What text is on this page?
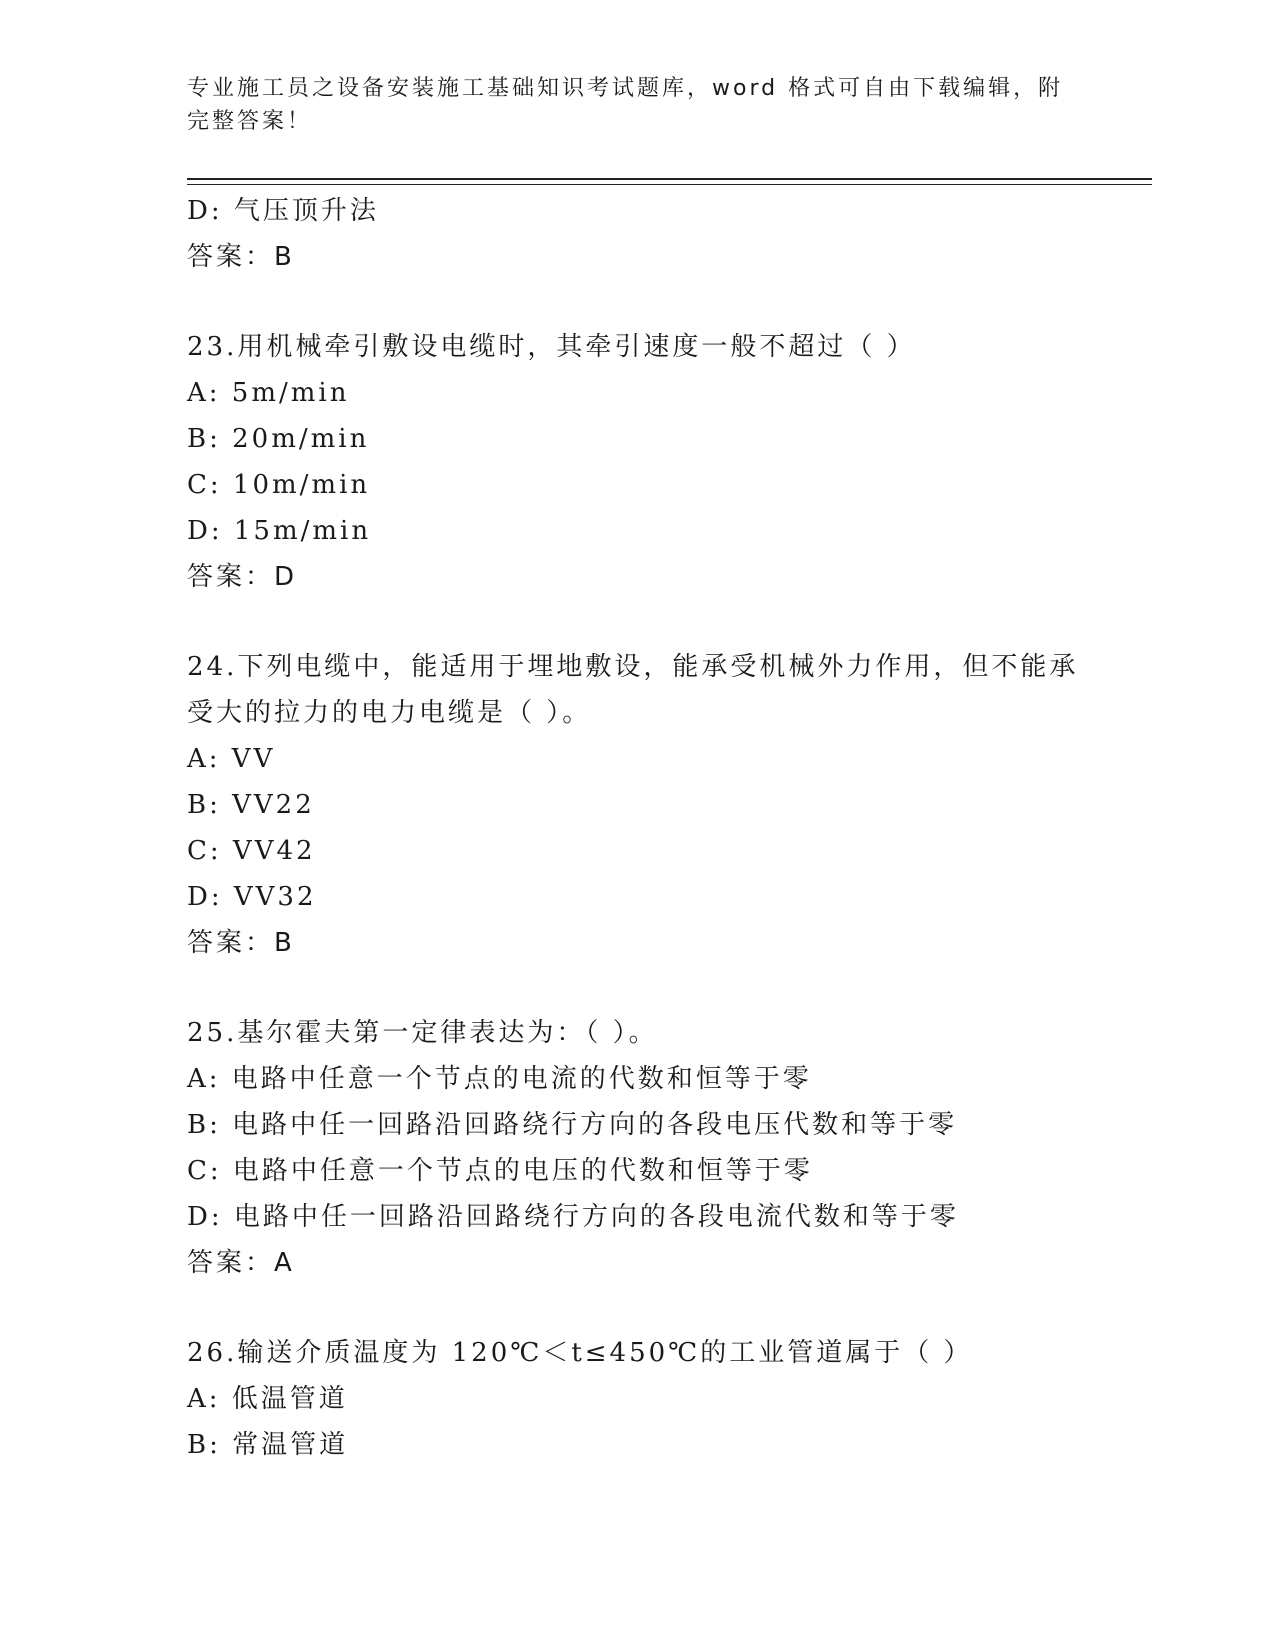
专业施工员之设备安装施工基础知识考试题库，word 格式可自由下载编辑，附完整答案！
D: 气压顶升法
答案：B
23.用机械牵引敷设电缆时，其牵引速度一般不超过（ ）
A: 5m/min
B: 20m/min
C: 10m/min
D: 15m/min
答案：D
24.下列电缆中，能适用于埋地敷设，能承受机械外力作用，但不能承受大的拉力的电力电缆是（ ）。
A: VV
B: VV22
C: VV42
D: VV32
答案：B
25.基尔霍夫第一定律表达为：（ ）。
A: 电路中任意一个节点的电流的代数和恒等于零
B: 电路中任一回路沿回路绕行方向的各段电压代数和等于零
C: 电路中任意一个节点的电压的代数和恒等于零
D: 电路中任一回路沿回路绕行方向的各段电流代数和等于零
答案：A
26.输送介质温度为 120℃＜t≤450℃的工业管道属于（ ）
A: 低温管道
B: 常温管道
